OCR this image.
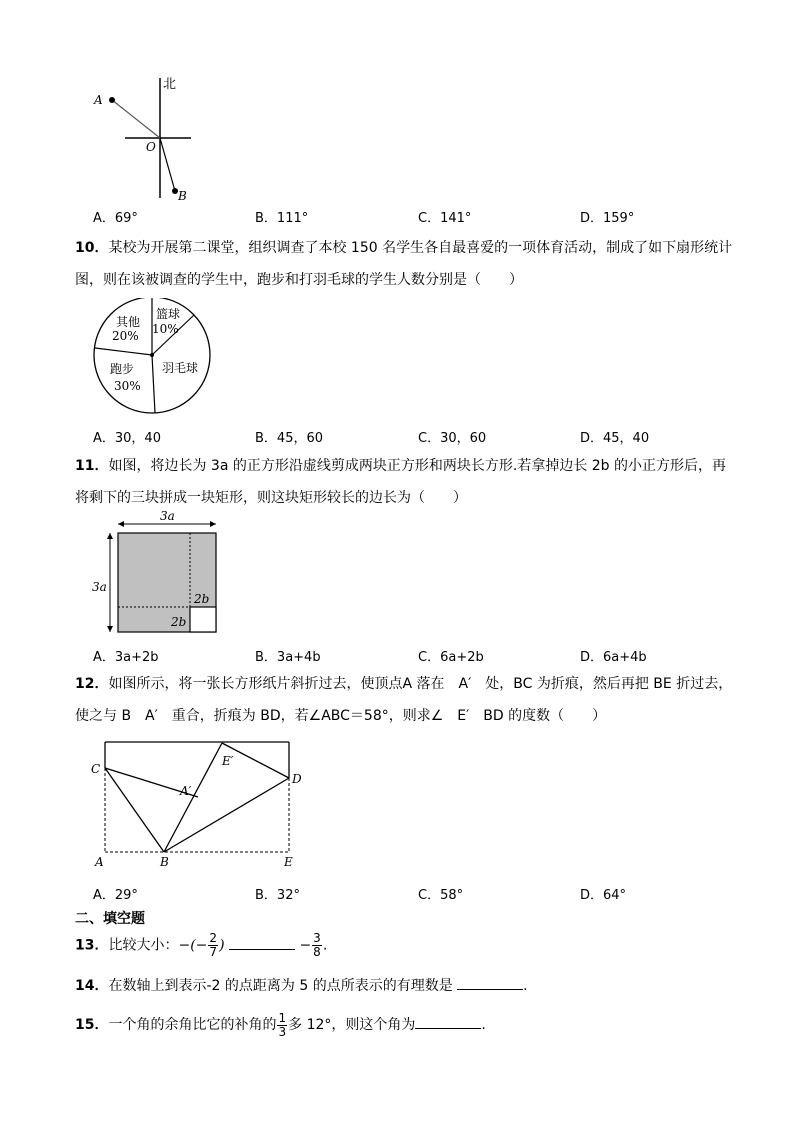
北
A
O
B
A．69°	B．111°	C．141°	D．159°
10．某校为开展第二课堂，组织调查了本校 150 名学生各自最喜爱的一项体育活动，制成了如下扇形统计图，则在该被调查的学生中，跑步和打羽毛球的学生人数分别是（　　）
其他
20%
篮球
10%
羽毛球
跑步
30%
A．30，40	B．45，60	C．30，60	D．45，40
11．如图，将边长为 3a 的正方形沿虚线剪成两块正方形和两块长方形.若拿掉边长 2b 的小正方形后，再将剩下的三块拼成一块矩形，则这块矩形较长的边长为（　　）
3a
3a
2b
2b
A．3a+2b	B．3a+4b	C．6a+2b	D．6a+4b
12．如图所示，将一张长方形纸片斜折过去，使顶点A 落在　A′　处，BC 为折痕，然后再把 BE 折过去，使之与 B　A′　重合，折痕为 BD，若∠ABC＝58°，则求∠　E′　BD 的度数（　　）
C
A′
E′
D
A	B	E
A．29°	B．32°	C．58°	D．64°
二、填空题
13．比较大小：−(− $\frac{2}{7}$ )	− $\frac{3}{8}$ .
14．在数轴上到表示-2 的点距离为 5 的点所表示的有理数是	.
15．一个角的余角比它的补角的 $\frac{1}{3}$ 多 12°，则这个角为	.
